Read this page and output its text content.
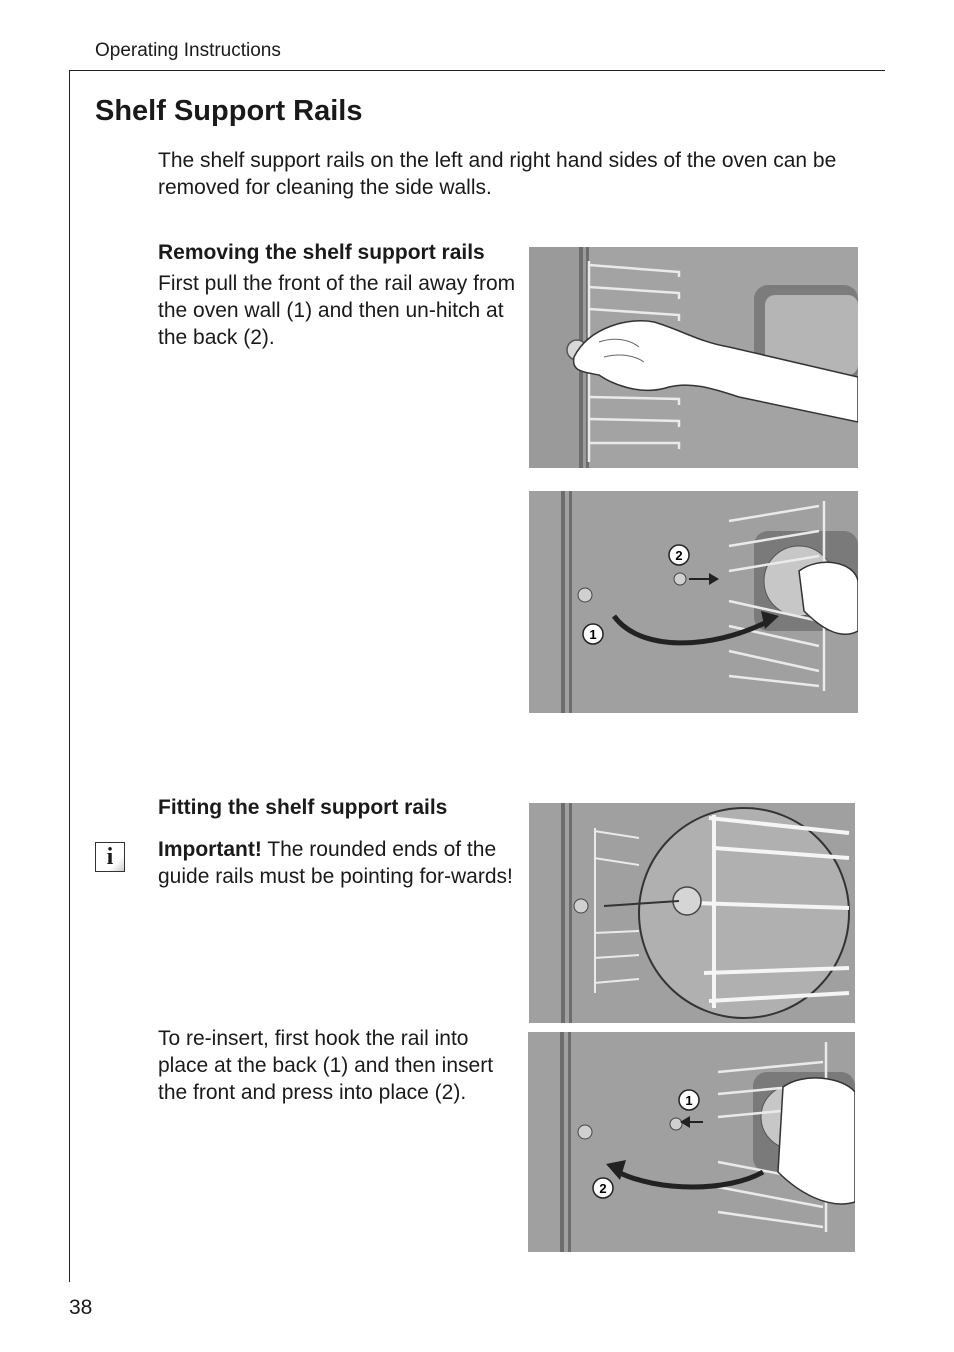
Operating Instructions
Shelf Support Rails

The shelf support rails on the left and right hand sides of the oven can be removed for cleaning the side walls.

Removing the shelf support rails

First pull the front of the rail away from the oven wall (1) and then un-hitch at the back (2).

Fitting the shelf support rails
i	Important! The rounded ends of the guide rails must be pointing for-wards!

To re-insert, first hook the rail into place at the back (1) and then insert the front and press into place (2).

2
1
1
2
38
